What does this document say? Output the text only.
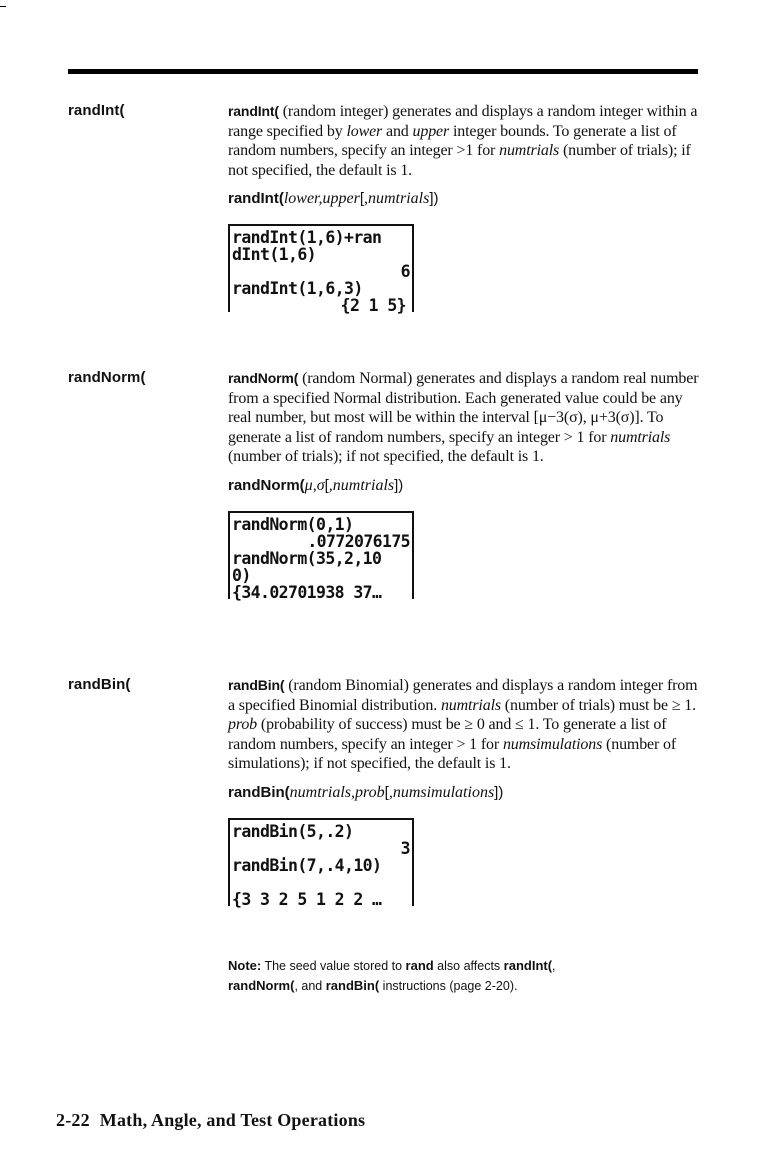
randInt(	randInt( (random integer) generates and displays a random integer within a range specified by lower and upper integer bounds. To generate a list of random numbers, specify an integer >1 for numtrials (number of trials); if not specified, the default is 1.

randInt(lower,upper[,numtrials])

randInt(1,6)+ran
dInt(1,6)
6
randInt(1,6,3)
{2 1 5}
randNorm(	randNorm( (random Normal) generates and displays a random real number from a specified Normal distribution. Each generated value could be any real number, but most will be within the interval [μ−3(σ), μ+3(σ)]. To generate a list of random numbers, specify an integer > 1 for numtrials (number of trials); if not specified, the default is 1.

randNorm(μ,σ[,numtrials])

randNorm(0,1)
.0772076175
randNorm(35,2,10
0)
{34.02701938 37…
randBin(	randBin( (random Binomial) generates and displays a random integer from a specified Binomial distribution. numtrials (number of trials) must be ≥ 1. prob (probability of success) must be ≥ 0 and ≤ 1. To generate a list of random numbers, specify an integer > 1 for numsimulations (number of simulations); if not specified, the default is 1.

randBin(numtrials,prob[,numsimulations])

randBin(5,.2)
3
randBin(7,.4,10)
{3 3 2 5 1 2 2 …
Note: The seed value stored to rand also affects randInt(,
randNorm(, and randBin( instructions (page 2-20).
2-22 Math, Angle, and Test Operations
